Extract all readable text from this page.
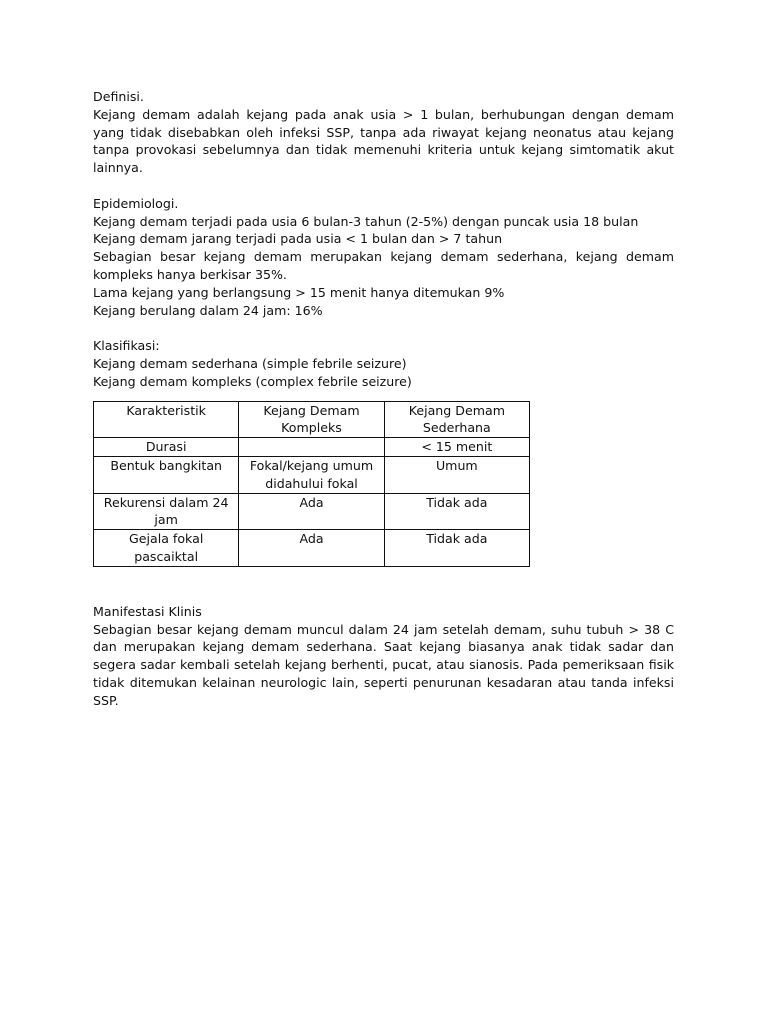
Definisi.

Kejang demam adalah kejang pada anak usia > 1 bulan, berhubungan dengan demam yang tidak disebabkan oleh infeksi SSP, tanpa ada riwayat kejang neonatus atau kejang tanpa provokasi sebelumnya dan tidak memenuhi kriteria untuk kejang simtomatik akut lainnya.

Epidemiologi.

Kejang demam terjadi pada usia 6 bulan-3 tahun (2-5%) dengan puncak usia 18 bulan

Kejang demam jarang terjadi pada usia < 1 bulan dan > 7 tahun

Sebagian besar kejang demam merupakan kejang demam sederhana, kejang demam kompleks hanya berkisar 35%.

Lama kejang yang berlangsung > 15 menit hanya ditemukan 9%

Kejang berulang dalam 24 jam: 16%

Klasifikasi:

Kejang demam sederhana (simple febrile seizure)

Kejang demam kompleks (complex febrile seizure)

Karakteristik	Kejang Demam Kompleks	Kejang Demam Sederhana
Durasi		< 15 menit
Bentuk bangkitan	Fokal/kejang umum didahului fokal	Umum
Rekurensi dalam 24 jam	Ada	Tidak ada
Gejala fokal pascaiktal	Ada	Tidak ada

Manifestasi Klinis

Sebagian besar kejang demam muncul dalam 24 jam setelah demam, suhu tubuh > 38 C dan merupakan kejang demam sederhana. Saat kejang biasanya anak tidak sadar dan segera sadar kembali setelah kejang berhenti, pucat, atau sianosis. Pada pemeriksaan fisik tidak ditemukan kelainan neurologic lain, seperti penurunan kesadaran atau tanda infeksi SSP.
